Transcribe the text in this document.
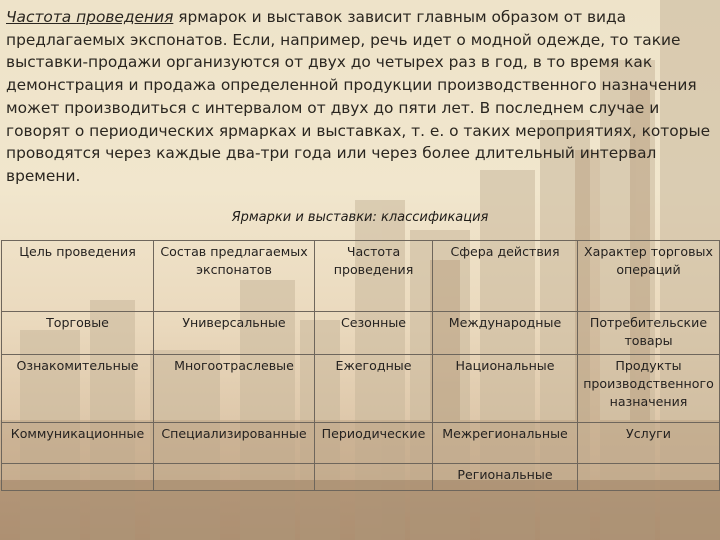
Частота проведения ярмарок и выставок зависит главным образом от вида предлагаемых экспонатов. Если, например, речь идет о модной одежде, то такие выставки-продажи организуются от двух до четырех раз в год, в то время как демонстрация и продажа определенной продукции производственного назначения может производиться с интервалом от двух до пяти лет. В последнем случае и говорят о периодических ярмарках и выставках, т. е. о таких мероприятиях, которые проводятся через каждые два-три года или через более длительный интервал времени.

Ярмарки и выставки: классификация
Цель проведения	Состав предлагаемых экспонатов	Частота проведения	Сфера действия	Характер торговых операций
Торговые	Универсальные	Сезонные	Международные	Потребительские товары
Ознакомительные	Многоотраслевые	Ежегодные	Национальные	Продукты производственного назначения
Коммуникационные	Специализированные	Периодические	Межрегиональные	Услуги
			Региональные	
